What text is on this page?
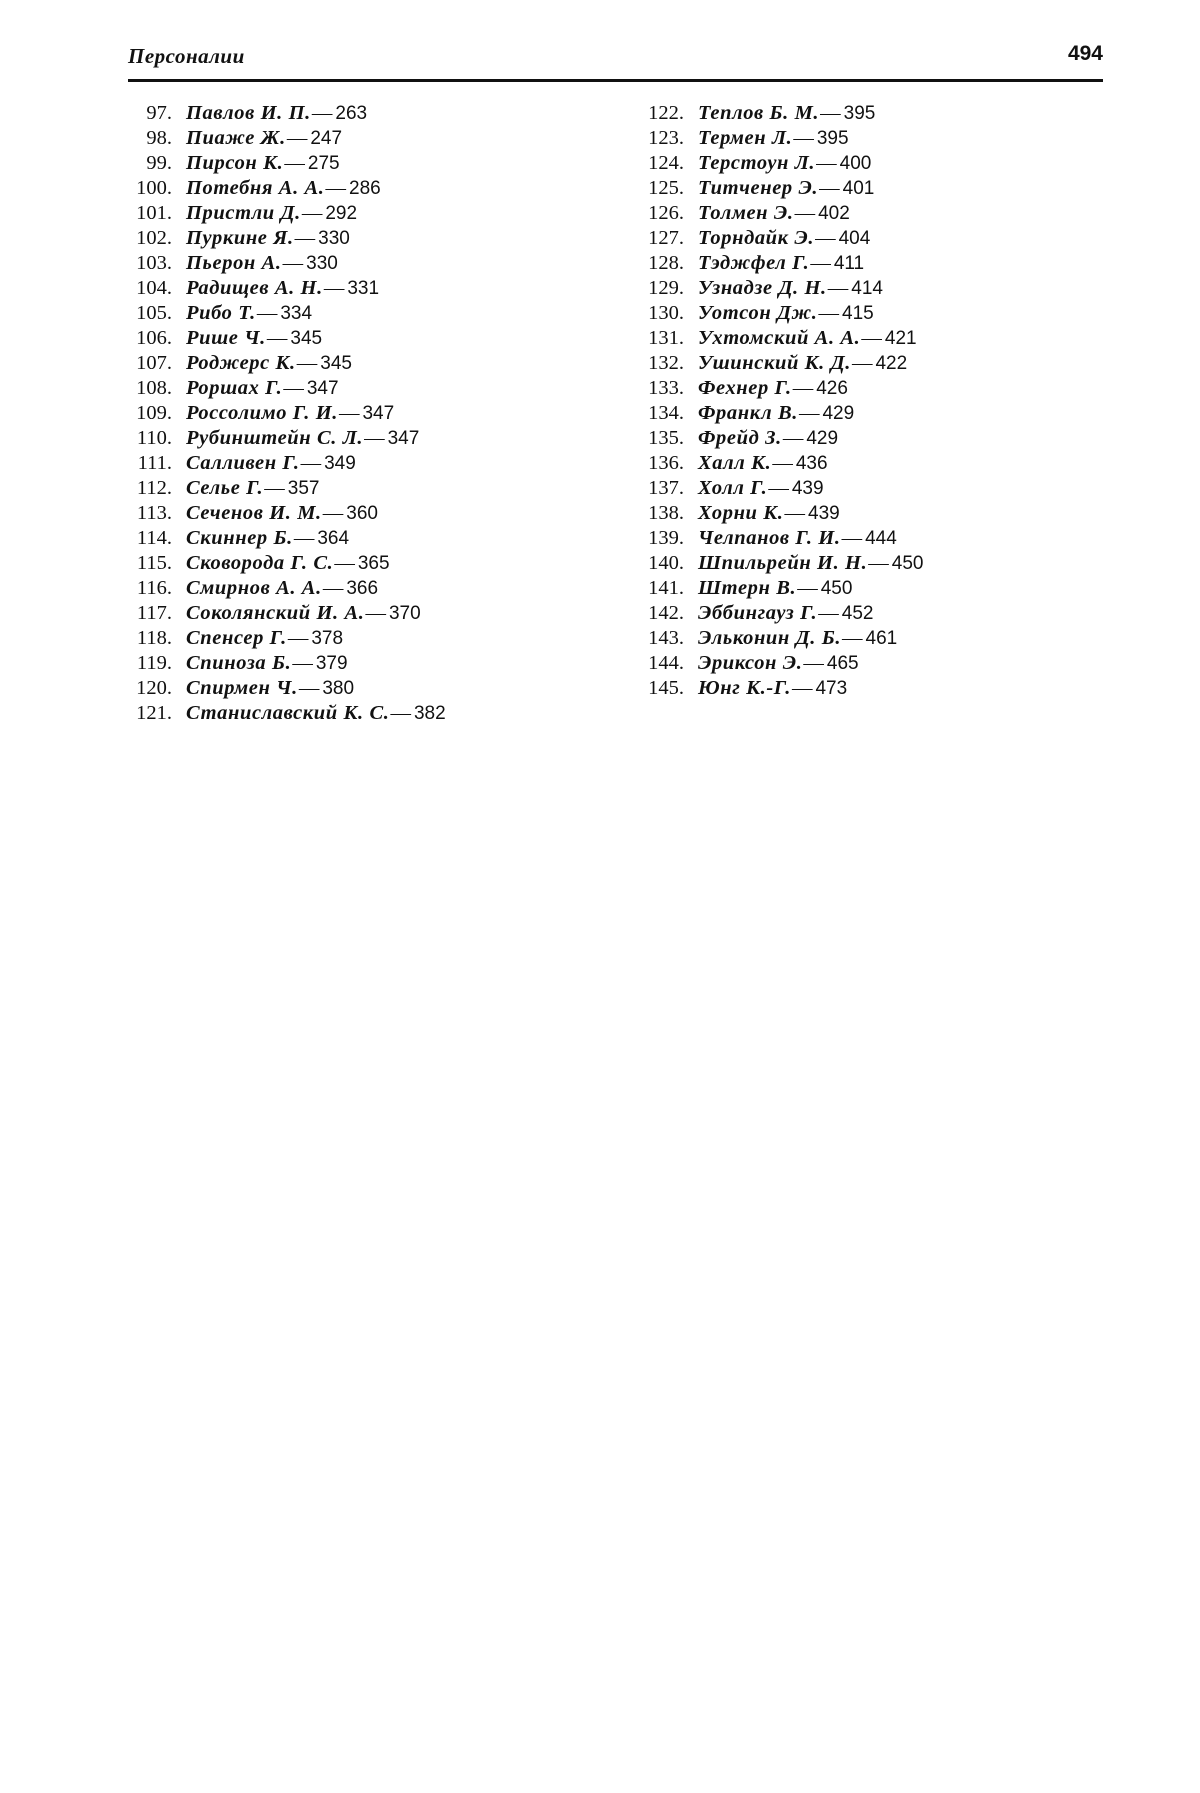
Персоналии	494
97. Павлов И. П.— 263
98. Пиаже Ж.— 247
99. Пирсон К.— 275
100. Потебня А. А.— 286
101. Пристли Д.— 292
102. Пуркине Я.— 330
103. Пьерон А.— 330
104. Радищев А. Н.— 331
105. Рибо Т.— 334
106. Рише Ч.— 345
107. Роджерс К.— 345
108. Роршах Г.— 347
109. Россолимо Г. И.— 347
110. Рубинштейн С. Л.— 347
111. Салливен Г.— 349
112. Селье Г.— 357
113. Сеченов И. М.— 360
114. Скиннер Б.— 364
115. Сковорода Г. С.— 365
116. Смирнов А. А.— 366
117. Соколянский И. А.— 370
118. Спенсер Г.— 378
119. Спиноза Б.— 379
120. Спирмен Ч.— 380
121. Станиславский К. С.— 382
122. Теплов Б. М.— 395
123. Термен Л.— 395
124. Терстоун Л.— 400
125. Титченер Э.— 401
126. Толмен Э.— 402
127. Торндайк Э.— 404
128. Тэджфел Г.— 411
129. Узнадзе Д. Н.— 414
130. Уотсон Дж.— 415
131. Ухтомский А. А.— 421
132. Ушинский К. Д.— 422
133. Фехнер Г.— 426
134. Франкл В.— 429
135. Фрейд З.— 429
136. Халл К.— 436
137. Холл Г.— 439
138. Хорни К.— 439
139. Челпанов Г. И.— 444
140. Шпильрейн И. Н.— 450
141. Штерн В.— 450
142. Эббингауз Г.— 452
143. Эльконин Д. Б.— 461
144. Эриксон Э.— 465
145. Юнг К.-Г.— 473
